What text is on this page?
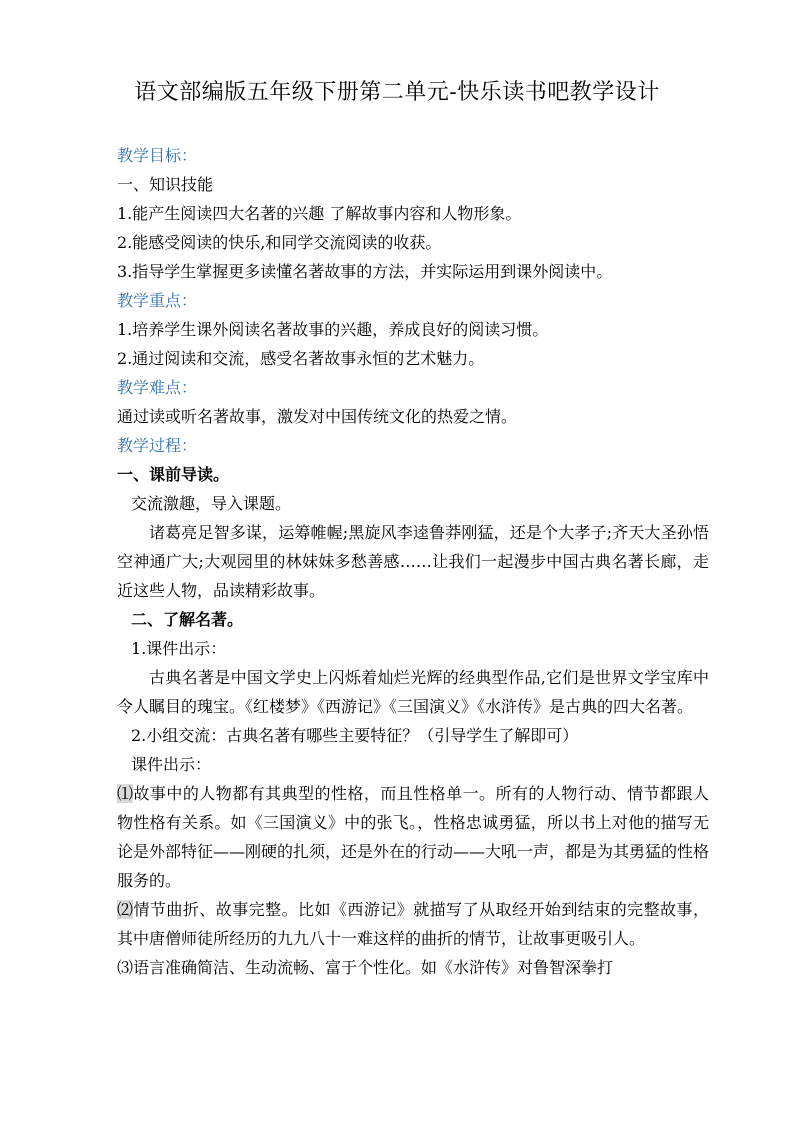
语文部编版五年级下册第二单元-快乐读书吧教学设计

教学目标：

一、知识技能

1.能产生阅读四大名著的兴趣 了解故事内容和人物形象。

2.能感受阅读的快乐,和同学交流阅读的收获。

3.指导学生掌握更多读懂名著故事的方法，并实际运用到课外阅读中。

教学重点：

1.培养学生课外阅读名著故事的兴趣，养成良好的阅读习惯。

2.通过阅读和交流，感受名著故事永恒的艺术魅力。

教学难点：

通过读或听名著故事，激发对中国传统文化的热爱之情。

教学过程：

一、课前导读。

交流激趣，导入课题。

诸葛亮足智多谋，运筹帷幄;黑旋风李逵鲁莽刚猛，还是个大孝子;齐天大圣孙悟空神通广大;大观园里的林妹妹多愁善感……让我们一起漫步中国古典名著长廊，走近这些人物，品读精彩故事。

二、了解名著。

1.课件出示：

古典名著是中国文学史上闪烁着灿烂光辉的经典型作品,它们是世界文学宝库中令人瞩目的瑰宝。《红楼梦》《西游记》《三国演义》《水浒传》是古典的四大名著。

2.小组交流：古典名著有哪些主要特征？（引导学生了解即可）

课件出示：

⑴故事中的人物都有其典型的性格，而且性格单一。所有的人物行动、情节都跟人物性格有关系。如《三国演义》中的张飞。，性格忠诚勇猛，所以书上对他的描写无论是外部特征——刚硬的扎须，还是外在的行动——大吼一声，都是为其勇猛的性格服务的。

⑵情节曲折、故事完整。比如《西游记》就描写了从取经开始到结束的完整故事，其中唐僧师徒所经历的九九八十一难这样的曲折的情节，让故事更吸引人。

⑶语言准确简洁、生动流畅、富于个性化。如《水浒传》对鲁智深拳打
